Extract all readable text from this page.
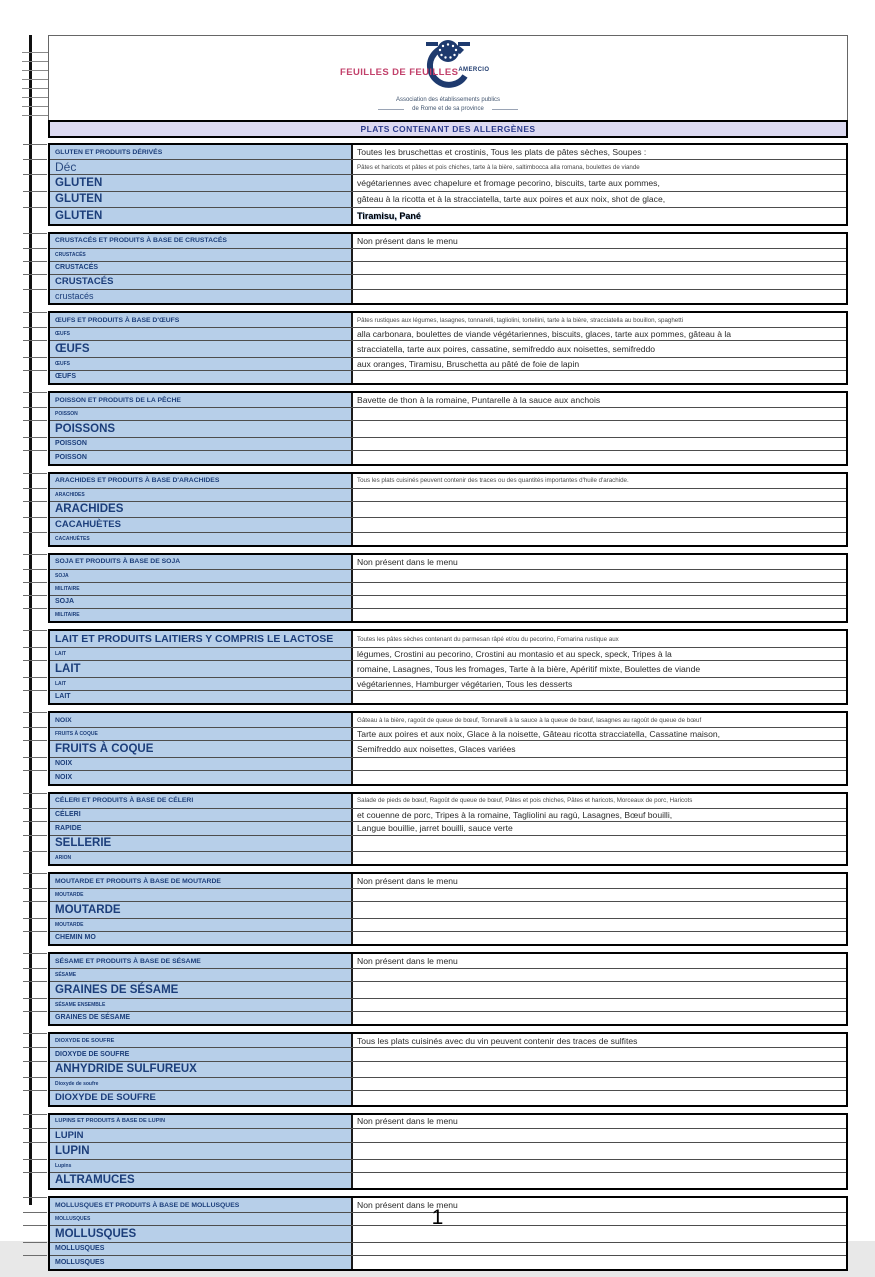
FEUILLES DE $FEUILLES^{AMERCIO}$
Association des établissements publics
de Rome et de sa province
PLATS CONTENANT DES ALLERGÈNES
GLUTEN ET PRODUITS DÉRIVÉS	Toutes les bruschettas et crostinis, Tous les plats de pâtes sèches, Soupes :
Déc	Pâtes et haricots et pâtes et pois chiches, tarte à la bière, saltimbocca alla romana, boulettes de viande
GLUTEN	végétariennes avec chapelure et fromage pecorino, biscuits, tarte aux pommes,
GLUTEN	gâteau à la ricotta et à la stracciatella, tarte aux poires et aux noix, shot de glace,
GLUTEN	Tiramisu, Pané
CRUSTACÉS ET PRODUITS À BASE DE CRUSTACÉS	Non présent dans le menu
CRUSTACÉS
CRUSTACÉS
CRUSTACÉS
crustacés
ŒUFS ET PRODUITS À BASE D'ŒUFS	Pâtes rustiques aux légumes, lasagnes, tonnarelli, tagliolini, tortellini, tarte à la bière, stracciatella au bouillon, spaghetti
ŒUFS	alla carbonara, boulettes de viande végétariennes, biscuits, glaces, tarte aux pommes, gâteau à la
ŒUFS	stracciatella, tarte aux poires, cassatine, semifreddo aux noisettes, semifreddo
ŒUFS	aux oranges, Tiramisu, Bruschetta au pâté de foie de lapin
ŒUFS
POISSON ET PRODUITS DE LA PÊCHE	Bavette de thon à la romaine, Puntarelle à la sauce aux anchois
POISSON
POISSONS
POISSON
POISSON
ARACHIDES ET PRODUITS À BASE D'ARACHIDES	Tous les plats cuisinés peuvent contenir des traces ou des quantités importantes d'huile d'arachide.
ARACHIDES
ARACHIDES
CACAHUÈTES
CACAHUÈTES
SOJA ET PRODUITS À BASE DE SOJA	Non présent dans le menu
SOJA
MILITAIRE
SOJA
MILITAIRE
LAIT ET PRODUITS LAITIERS Y COMPRIS LE LACTOSE	Toutes les pâtes sèches contenant du parmesan râpé et/ou du pecorino, Fornarina rustique aux
LAIT	légumes, Crostini au pecorino, Crostini au montasio et au speck, speck, Tripes à la
LAIT	romaine, Lasagnes, Tous les fromages, Tarte à la bière, Apéritif mixte, Boulettes de viande
LAIT	végétariennes, Hamburger végétarien, Tous les desserts
LAIT
NOIX	Gâteau à la bière, ragoût de queue de bœuf, Tonnarelli à la sauce à la queue de bœuf, lasagnes au ragoût de queue de bœuf
FRUITS À COQUE	Tarte aux poires et aux noix, Glace à la noisette, Gâteau ricotta stracciatella, Cassatine maison,
FRUITS À COQUE	Semifreddo aux noisettes, Glaces variées
NOIX
NOIX
CÉLERI ET PRODUITS À BASE DE CÉLERI	Salade de pieds de bœuf, Ragoût de queue de bœuf, Pâtes et pois chiches, Pâtes et haricots, Morceaux de porc, Haricots
CÉLERI	et couenne de porc, Tripes à la romaine, Tagliolini au ragù, Lasagnes, Bœuf bouilli,
RAPIDE	Langue bouillie, jarret bouilli, sauce verte
SELLERIE
ARION
MOUTARDE ET PRODUITS À BASE DE MOUTARDE	Non présent dans le menu
MOUTARDE
MOUTARDE
MOUTARDE
CHEMIN MO
SÉSAME ET PRODUITS À BASE DE SÉSAME	Non présent dans le menu
SÉSAME
GRAINES DE SÉSAME
SÉSAME ENSEMBLE
GRAINES DE SÉSAME
DIOXYDE DE SOUFRE	Tous les plats cuisinés avec du vin peuvent contenir des traces de sulfites
DIOXYDE DE SOUFRE
ANHYDRIDE SULFUREUX
Dioxyde de soufre
DIOXYDE DE SOUFRE
LUPINS ET PRODUITS À BASE DE LUPIN	Non présent dans le menu
LUPIN
LUPIN
Lupins
ALTRAMUCES
MOLLUSQUES ET PRODUITS À BASE DE MOLLUSQUES	Non présent dans le menu
MOLLUSQUES
MOLLUSQUES
MOLLUSQUES
MOLLUSQUES
1
